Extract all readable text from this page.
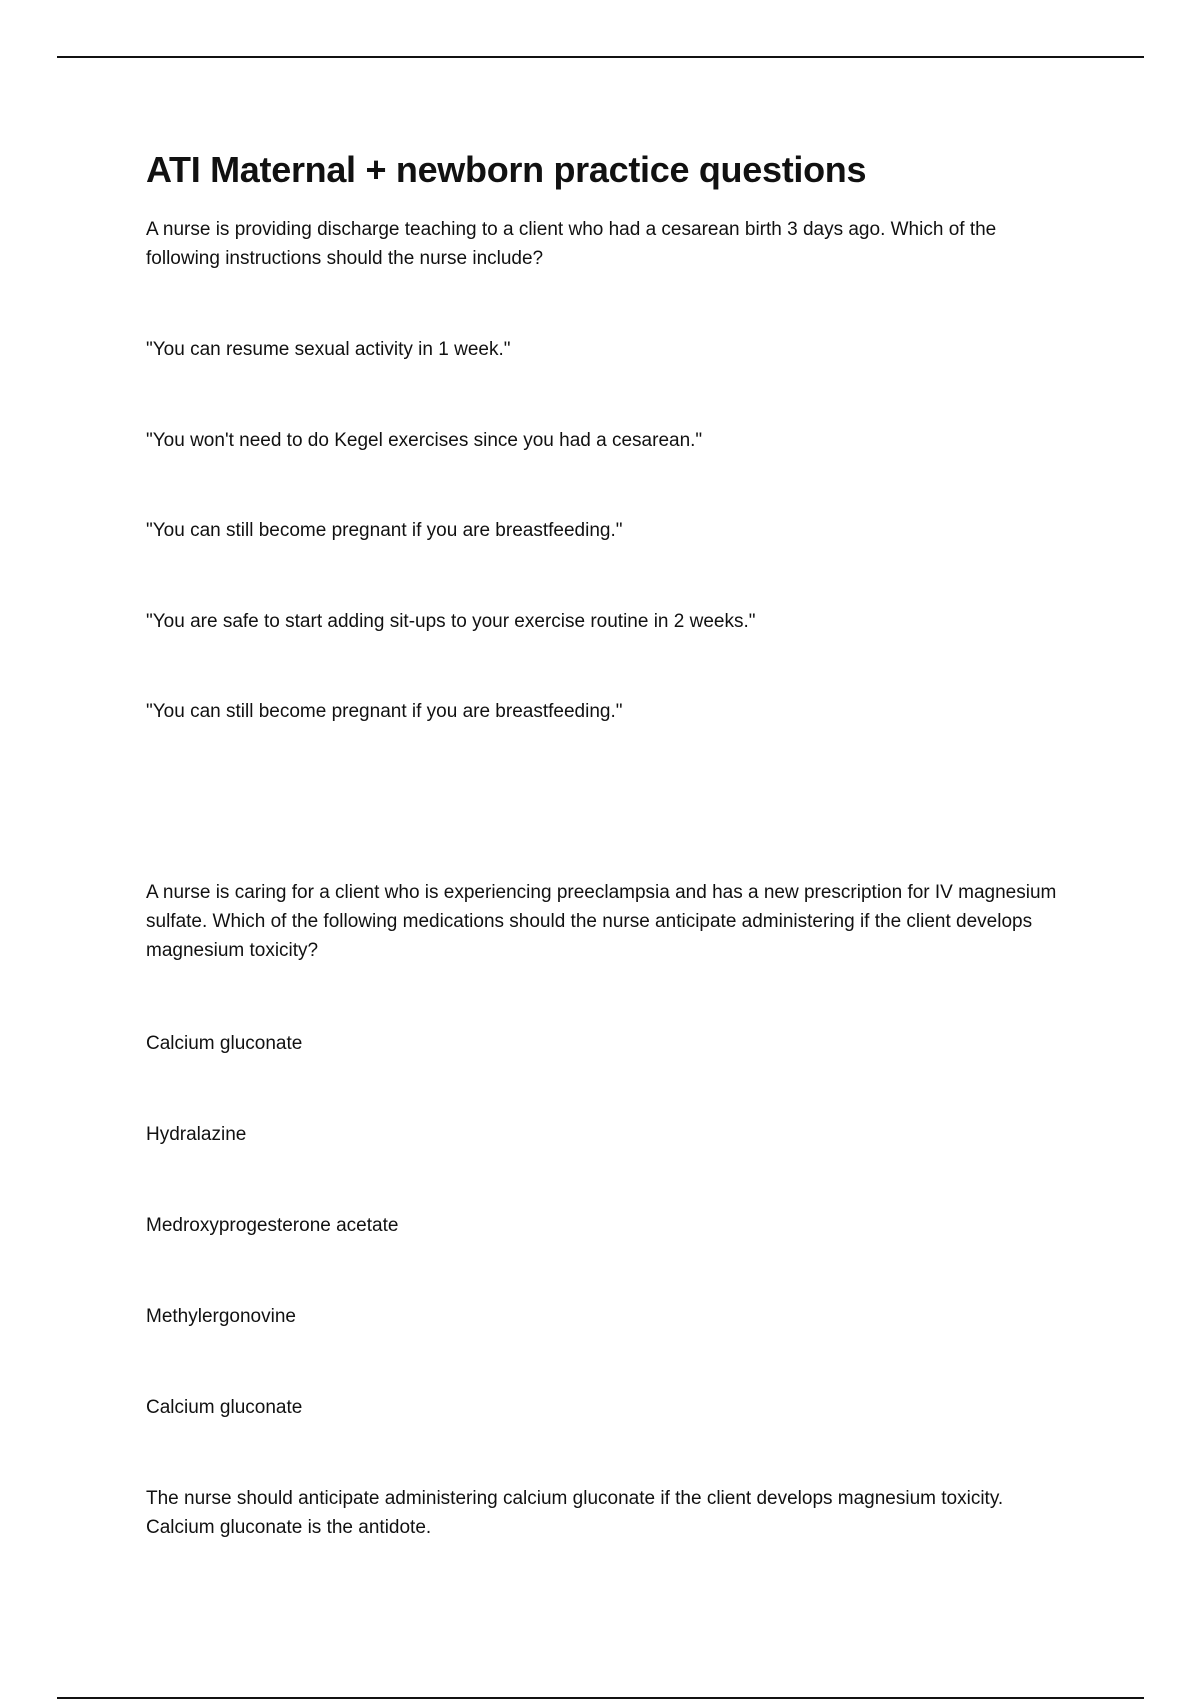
ATI Maternal + newborn practice questions

A nurse is providing discharge teaching to a client who had a cesarean birth 3 days ago. Which of the following instructions should the nurse include?

"You can resume sexual activity in 1 week."

"You won't need to do Kegel exercises since you had a cesarean."

"You can still become pregnant if you are breastfeeding."

"You are safe to start adding sit-ups to your exercise routine in 2 weeks."

"You can still become pregnant if you are breastfeeding."

A nurse is caring for a client who is experiencing preeclampsia and has a new prescription for IV magnesium sulfate. Which of the following medications should the nurse anticipate administering if the client develops magnesium toxicity?

Calcium gluconate

Hydralazine

Medroxyprogesterone acetate

Methylergonovine

Calcium gluconate

The nurse should anticipate administering calcium gluconate if the client develops magnesium toxicity. Calcium gluconate is the antidote.
